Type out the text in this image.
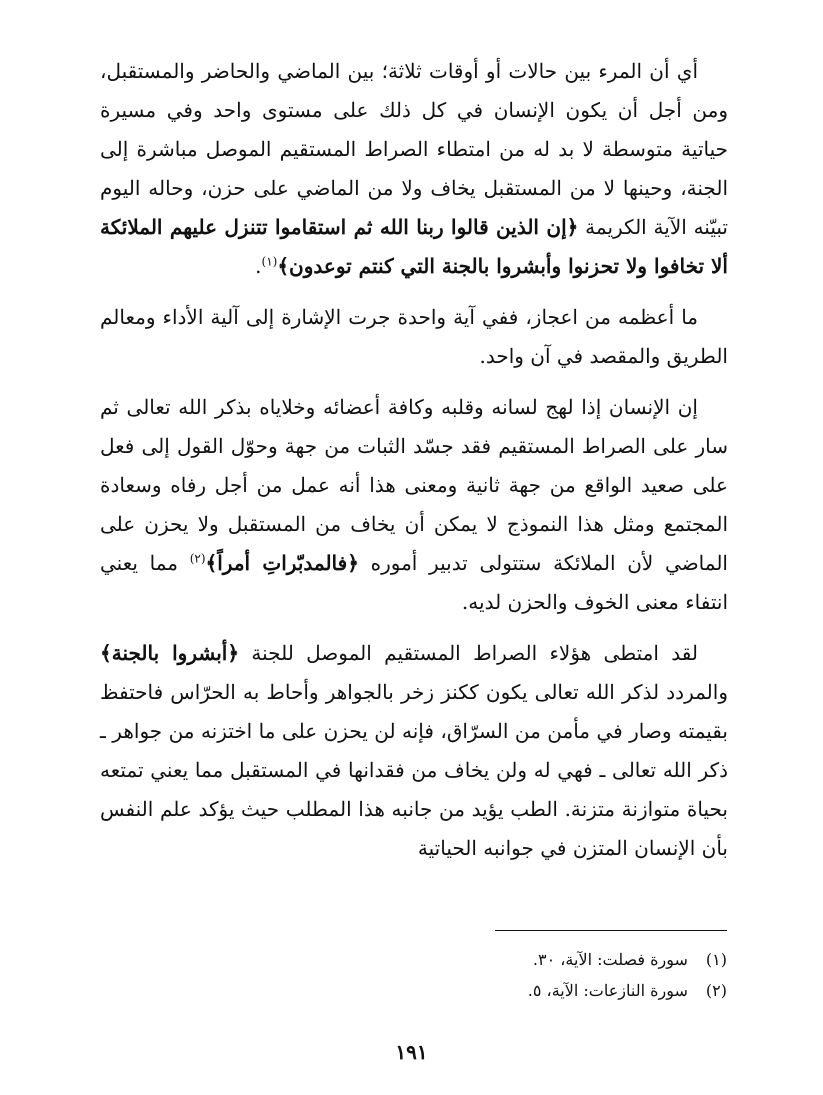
أي أن المرء بين حالات أو أوقات ثلاثة؛ بين الماضي والحاضر والمستقبل، ومن أجل أن يكون الإنسان في كل ذلك على مستوى واحد وفي مسيرة حياتية متوسطة لا بد له من امتطاء الصراط المستقيم الموصل مباشرة إلى الجنة، وحينها لا من المستقبل يخاف ولا من الماضي على حزن، وحاله اليوم تبيّنه الآية الكريمة ﴿إن الذين قالوا ربنا الله ثم استقاموا تتنزل عليهم الملائكة ألا تخافوا ولا تحزنوا وأبشروا بالجنة التي كنتم توعدون﴾$^{(١)}$.

ما أعظمه من اعجاز، ففي آية واحدة جرت الإشارة إلى آلية الأداء ومعالم الطريق والمقصد في آن واحد.

إن الإنسان إذا لهج لسانه وقلبه وكافة أعضائه وخلاياه بذكر الله تعالى ثم سار على الصراط المستقيم فقد جسّد الثبات من جهة وحوّل القول إلى فعل على صعيد الواقع من جهة ثانية ومعنى هذا أنه عمل من أجل رفاه وسعادة المجتمع ومثل هذا النموذج لا يمكن أن يخاف من المستقبل ولا يحزن على الماضي لأن الملائكة ستتولى تدبير أموره ﴿فالمدبّراتِ أمراً﴾$^{(٢)}$ مما يعني انتفاء معنى الخوف والحزن لديه.

لقد امتطى هؤلاء الصراط المستقيم الموصل للجنة ﴿أبشروا بالجنة﴾ والمردد لذكر الله تعالى يكون ككنز زخر بالجواهر وأحاط به الحرّاس فاحتفظ بقيمته وصار في مأمن من السرّاق، فإنه لن يحزن على ما اختزنه من جواهر ـ ذكر الله تعالى ـ فهي له ولن يخاف من فقدانها في المستقبل مما يعني تمتعه بحياة متوازنة متزنة. الطب يؤيد من جانبه هذا المطلب حيث يؤكد علم النفس بأن الإنسان المتزن في جوانبه الحياتية

(١) سورة فصلت: الآية، ٣٠.
(٢) سورة النازعات: الآية، ٥.
١٩١
